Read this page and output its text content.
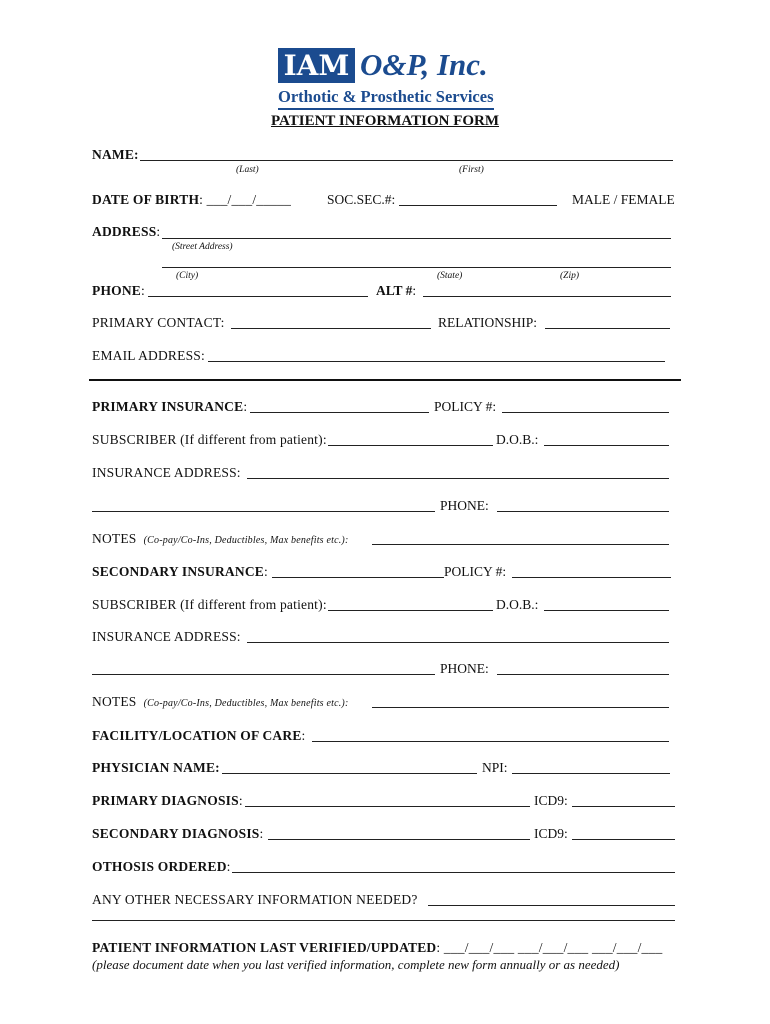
IAM O&P, Inc.
Orthotic & Prosthetic Services
PATIENT INFORMATION FORM
NAME:
(Last)	(First)
DATE OF BIRTH: ___/___/_____	SOC.SEC.#:	MALE / FEMALE
ADDRESS:
(Street Address)
(City)	(State)	(Zip)
PHONE:	ALT #:
PRIMARY CONTACT:	RELATIONSHIP:
EMAIL ADDRESS:
PRIMARY INSURANCE:	POLICY #:
SUBSCRIBER (If different from patient):	D.O.B.:
INSURANCE ADDRESS:
PHONE:
NOTES (Co-pay/Co-Ins, Deductibles, Max benefits etc.):
SECONDARY INSURANCE:	POLICY #:
SUBSCRIBER (If different from patient):	D.O.B.:
INSURANCE ADDRESS:
PHONE:
NOTES (Co-pay/Co-Ins, Deductibles, Max benefits etc.):
FACILITY/LOCATION OF CARE:
PHYSICIAN NAME:	NPI:
PRIMARY DIAGNOSIS:	ICD9:
SECONDARY DIAGNOSIS:	ICD9:
OTHOSIS ORDERED:
ANY OTHER NECESSARY INFORMATION NEEDED?
PATIENT INFORMATION LAST VERIFIED/UPDATED: ___/___/___ ___/___/___ ___/___/___
(please document date when you last verified information, complete new form annually or as needed)
